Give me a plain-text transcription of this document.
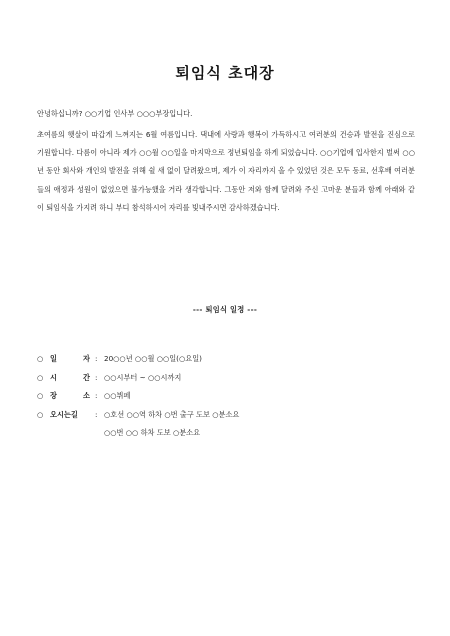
퇴임식 초대장
안녕하십니까? ○○기업 인사부 ○○○부장입니다.
초여름의 햇살이 따갑게 느껴지는 6월 여름입니다. 댁내에 사랑과 행복이 가득하시고 여러분의 건승과 발전을 진심으로 기원합니다. 다름이 아니라 제가 ○○월 ○○일을 마지막으로 정년퇴임을 하게 되었습니다. ○○기업에 입사한지 벌써 ○○년 동안 회사와 개인의 발전을 위해 쉴 새 없이 달려왔으며, 제가 이 자리까지 올 수 있었던 것은 모두 동료, 선후배 여러분들의 애정과 성원이 없었으면 불가능했을 거라 생각합니다. 그동안 저와 함께 달려와 주신 고마운 분들과 함께 아래와 같이 퇴임식을 가지려 하니 부디 참석하시어 자리를 빛내주시면 감사하겠습니다.
--- 퇴임식 일정 ---
○ 일	자 : 20○○년 ○○월 ○○일(○요일)
○ 시	간 : ○○시부터 ~ ○○시까지
○ 장	소 : ○○뷔페
○ 오시는길	: ○호선 ○○역 하차 ○번 출구 도보 ○분소요
○○번 ○○ 하차 도보 ○분소요
